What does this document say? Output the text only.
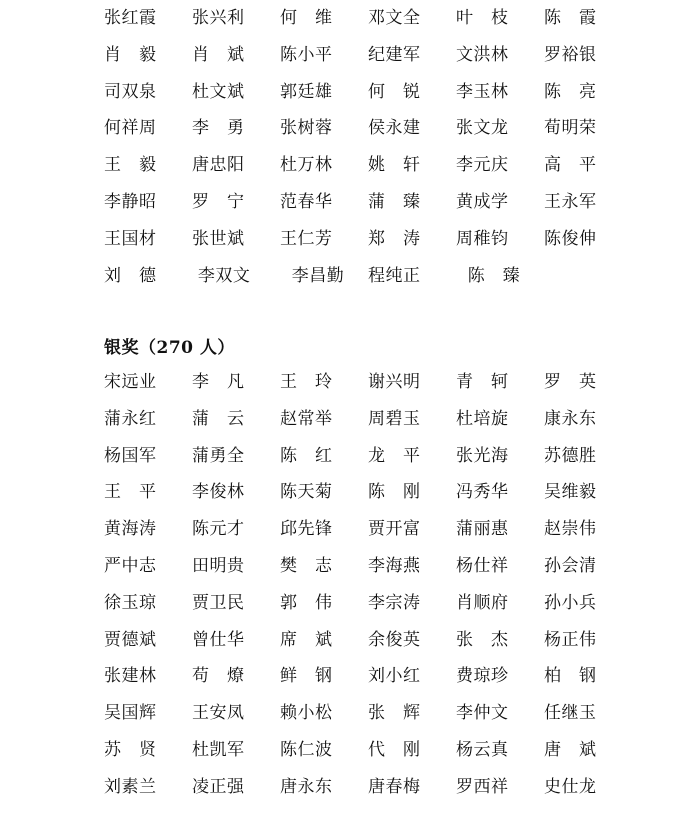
张红霞	张兴利	何　维	邓文全	叶　枝	陈　霞
肖　毅	肖　斌	陈小平	纪建军	文洪林	罗裕银
司双泉	杜文斌	郭廷雄	何　锐	李玉林	陈　亮
何祥周	李　勇	张树蓉	侯永建	张文龙	荀明荣
王　毅	唐忠阳	杜万林	姚　轩	李元庆	高　平
李静昭	罗　宁	范春华	蒲　臻	黄成学	王永军
王国材	张世斌	王仁芳	郑　涛	周稚钧	陈俊伸
刘　德	李双文	李昌勤	程纯正	陈　臻
银奖（270 人）
宋远业	李　凡	王　玲	谢兴明	青　轲	罗　英
蒲永红	蒲　云	赵常举	周碧玉	杜培旋	康永东
杨国军	蒲勇全	陈　红	龙　平	张光海	苏德胜
王　平	李俊林	陈天菊	陈　刚	冯秀华	吴维毅
黄海涛	陈元才	邱先锋	贾开富	蒲丽惠	赵崇伟
严中志	田明贵	樊　志	李海燕	杨仕祥	孙会清
徐玉琼	贾卫民	郭　伟	李宗涛	肖顺府	孙小兵
贾德斌	曾仕华	席　斌	余俊英	张　杰	杨正伟
张建林	苟　燎	鲜　钢	刘小红	费琼珍	柏　钢
吴国辉	王安凤	赖小松	张　辉	李仲文	任继玉
苏　贤	杜凯军	陈仁波	代　刚	杨云真	唐　斌
刘素兰	凌正强	唐永东	唐春梅	罗西祥	史仕龙
